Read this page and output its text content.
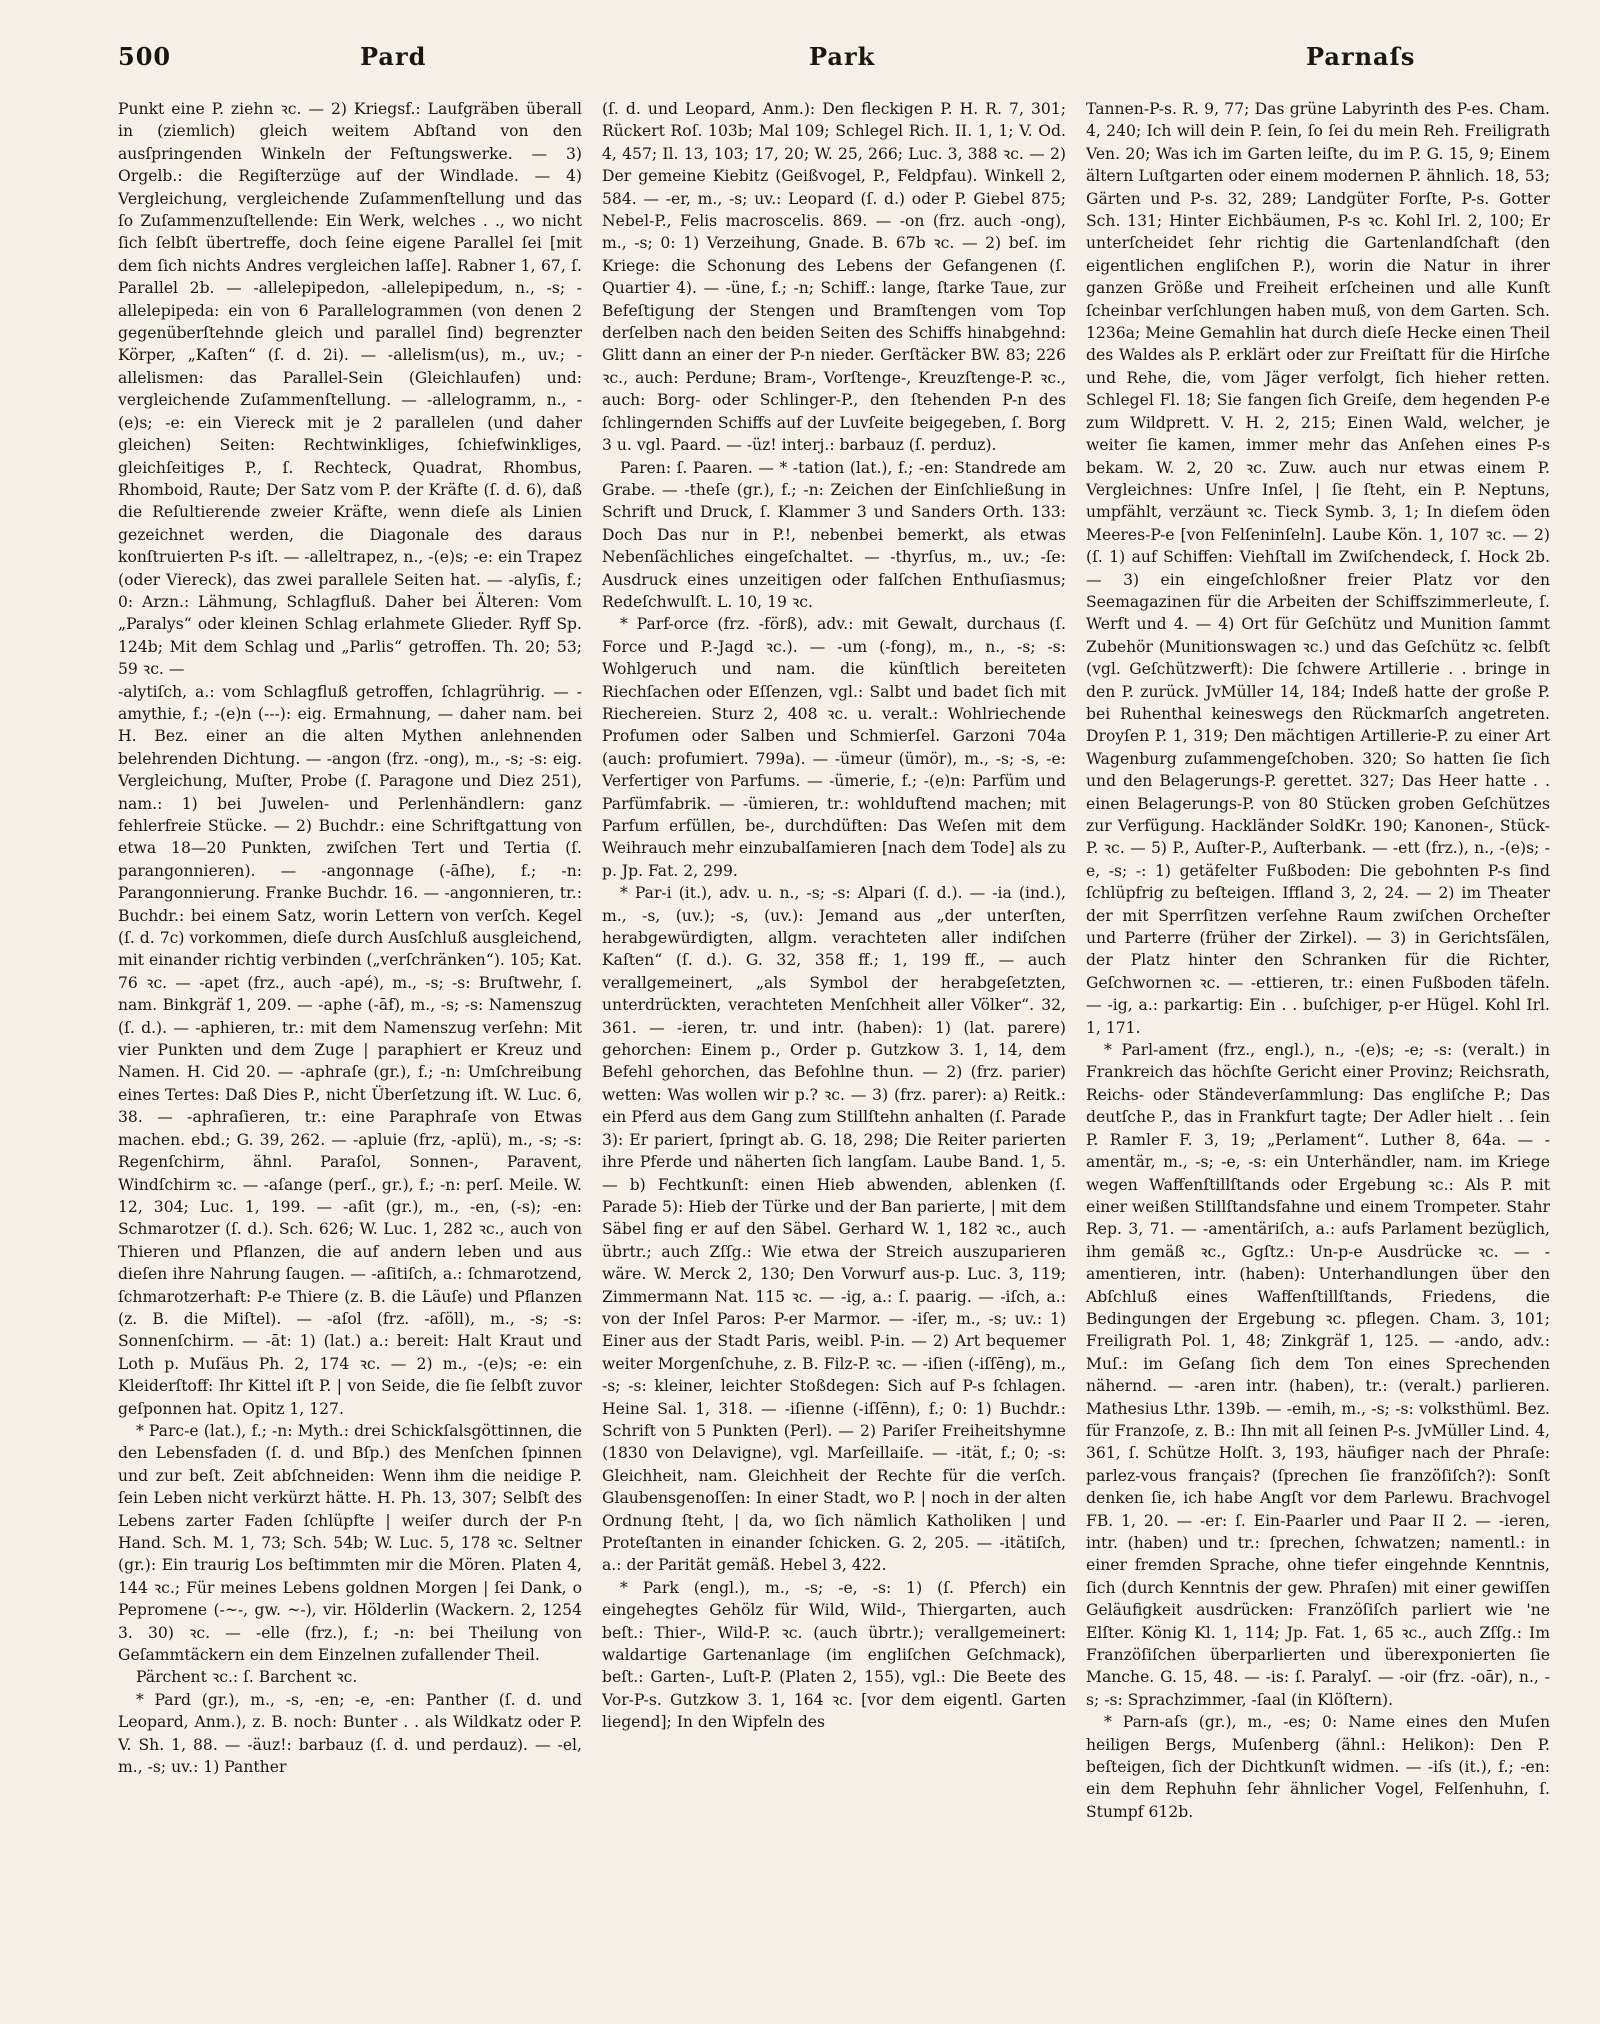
500	Pard	Park	Parnaſs

Punkt eine P. ziehn ꝛc. — 2) Kriegsf.: Laufgräben überall in (ziemlich) gleich weitem Abſtand von den ausſpringenden Winkeln der Feſtungswerke. — 3) Orgelb.: die Regiſterzüge auf der Windlade. — 4) Vergleichung, vergleichende Zuſammenſtellung und das ſo Zuſammenzuſtellende: Ein Werk, welches . ., wo nicht ſich ſelbſt übertreffe, doch ſeine eigene Parallel ſei [mit dem ſich nichts Andres vergleichen laſſe]. Rabner 1, 67, ſ. Parallel 2b. — -allelepipedon, -allelepipedum, n., -s; -allelepipeda: ein von 6 Parallelogrammen (von denen 2 gegenüberſtehnde gleich und parallel ſind) begrenzter Körper, „Kaſten“ (ſ. d. 2i). — -allelism(us), m., uv.; -allelismen: das Parallel-Sein (Gleichlaufen) und: vergleichende Zuſammenſtellung. — -allelogramm, n., -(e)s; -e: ein Viereck mit je 2 parallelen (und daher gleichen) Seiten: Rechtwinkliges, ſchiefwinkliges, gleichſeitiges P., ſ. Rechteck, Quadrat, Rhombus, Rhomboid, Raute; Der Satz vom P. der Kräfte (ſ. d. 6), daß die Reſultierende zweier Kräfte, wenn dieſe als Linien gezeichnet werden, die Diagonale des daraus konſtruierten P-s iſt. — -alleltrapez, n., -(e)s; -e: ein Trapez (oder Viereck), das zwei parallele Seiten hat. — -alyſis, f.; 0: Arzn.: Lähmung, Schlagfluß. Daher bei Älteren: Vom „Paralys“ oder kleinen Schlag erlahmete Glieder. Ryff Sp. 124b; Mit dem Schlag und „Parlis“ getroffen. Th. 20; 53; 59 ꝛc. —

-alytiſch, a.: vom Schlagfluß getroffen, ſchlagrührig. — -amythie, f.; -(e)n (---): eig. Ermahnung, — daher nam. bei H. Bez. einer an die alten Mythen anlehnenden belehrenden Dichtung. — -angon (frz. -ong), m., -s; -s: eig. Vergleichung, Muſter, Probe (ſ. Paragone und Diez 251), nam.: 1) bei Juwelen- und Perlenhändlern: ganz fehlerfreie Stücke. — 2) Buchdr.: eine Schriftgattung von etwa 18—20 Punkten, zwiſchen Tert und Tertia (ſ. parangonnieren). — -angonnage (-āſhe), f.; -n: Parangonnierung. Franke Buchdr. 16. — -angonnieren, tr.: Buchdr.: bei einem Satz, worin Lettern von verſch. Kegel (ſ. d. 7c) vorkommen, dieſe durch Ausſchluß ausgleichend, mit einander richtig verbinden („verſchränken“). 105; Kat. 76 ꝛc. — -apet (frz., auch -apé), m., -s; -s: Bruſtwehr, ſ. nam. Binkgräf 1, 209. — -aphe (-āf), m., -s; -s: Namenszug (ſ. d.). — -aphieren, tr.: mit dem Namenszug verſehn: Mit vier Punkten und dem Zuge | paraphiert er Kreuz und Namen. H. Cid 20. — -aphraſe (gr.), f.; -n: Umſchreibung eines Tertes: Daß Dies P., nicht Überſetzung iſt. W. Luc. 6, 38. — -aphraſieren, tr.: eine Paraphraſe von Etwas machen. ebd.; G. 39, 262. — -apluie (frz, -aplü), m., -s; -s: Regenſchirm, ähnl. Paraſol, Sonnen-, Paravent, Windſchirm ꝛc. — -aſange (perſ., gr.), f.; -n: perſ. Meile. W. 12, 304; Luc. 1, 199. — -aſit (gr.), m., -en, (-s); -en: Schmarotzer (ſ. d.). Sch. 626; W. Luc. 1, 282 ꝛc., auch von Thieren und Pflanzen, die auf andern leben und aus dieſen ihre Nahrung ſaugen. — -aſitiſch, a.: ſchmarotzend, ſchmarotzerhaft: P-e Thiere (z. B. die Läuſe) und Pflanzen (z. B. die Miſtel). — -aſol (frz. -aſöll), m., -s; -s: Sonnenſchirm. — -āt: 1) (lat.) a.: bereit: Halt Kraut und Loth p. Muſäus Ph. 2, 174 ꝛc. — 2) m., -(e)s; -e: ein Kleiderſtoff: Ihr Kittel iſt P. | von Seide, die ſie ſelbſt zuvor geſponnen hat. Opitz 1, 127.

* Parc-e (lat.), f.; -n: Myth.: drei Schickſalsgöttinnen, die den Lebensfaden (ſ. d. und Bſp.) des Menſchen ſpinnen und zur beſt. Zeit abſchneiden: Wenn ihm die neidige P. ſein Leben nicht verkürzt hätte. H. Ph. 13, 307; Selbſt des Lebens zarter Faden ſchlüpfte | weiſer durch der P-n Hand. Sch. M. 1, 73; Sch. 54b; W. Luc. 5, 178 ꝛc. Seltner (gr.): Ein traurig Los beſtimmten mir die Mören. Platen 4, 144 ꝛc.; Für meines Lebens goldnen Morgen | ſei Dank, o Pepromene (-~-, gw. ~-), vir. Hölderlin (Wackern. 2, 1254 3. 30) ꝛc. — -elle (frz.), f.; -n: bei Theilung von Geſammtäckern ein dem Einzelnen zufallender Theil.

Pärchent ꝛc.: ſ. Barchent ꝛc.

* Pard (gr.), m., -s, -en; -e, -en: Panther (ſ. d. und Leopard, Anm.), z. B. noch: Bunter . . als Wildkatz oder P. V. Sh. 1, 88. — -äuz!: barbauz (ſ. d. und perdauz). — -el, m., -s; uv.: 1) Panther

(ſ. d. und Leopard, Anm.): Den fleckigen P. H. R. 7, 301; Rückert Roſ. 103b; Mal 109; Schlegel Rich. II. 1, 1; V. Od. 4, 457; Il. 13, 103; 17, 20; W. 25, 266; Luc. 3, 388 ꝛc. — 2) Der gemeine Kiebitz (Geißvogel, P., Feldpfau). Winkell 2, 584. — -er, m., -s; uv.: Leopard (ſ. d.) oder P. Giebel 875; Nebel-P., Felis macroscelis. 869. — -on (frz. auch -ong), m., -s; 0: 1) Verzeihung, Gnade. B. 67b ꝛc. — 2) beſ. im Kriege: die Schonung des Lebens der Gefangenen (ſ. Quartier 4). — -üne, f.; -n; Schiff.: lange, ſtarke Taue, zur Befeſtigung der Stengen und Bramſtengen vom Top derſelben nach den beiden Seiten des Schiffs hinabgehnd: Glitt dann an einer der P-n nieder. Gerſtäcker BW. 83; 226 ꝛc., auch: Perdune; Bram-, Vorſtenge-, Kreuzſtenge-P. ꝛc., auch: Borg- oder Schlinger-P., den ſtehenden P-n des ſchlingernden Schiffs auf der Luvſeite beigegeben, ſ. Borg 3 u. vgl. Paard. — -üz! interj.: barbauz (ſ. perduz).

Paren: ſ. Paaren. — * -tation (lat.), f.; -en: Standrede am Grabe. — -theſe (gr.), f.; -n: Zeichen der Einſchließung in Schrift und Druck, ſ. Klammer 3 und Sanders Orth. 133: Doch Das nur in P.!, nebenbei bemerkt, als etwas Nebenſächliches eingeſchaltet. — -thyrſus, m., uv.; -ſe: Ausdruck eines unzeitigen oder falſchen Enthuſiasmus; Redeſchwulſt. L. 10, 19 ꝛc.

* Parf-orce (frz. -förß), adv.: mit Gewalt, durchaus (ſ. Force und P.-Jagd ꝛc.). — -um (-fong), m., n., -s; -s: Wohlgeruch und nam. die künſtlich bereiteten Riechſachen oder Eſſenzen, vgl.: Salbt und badet ſich mit Riechereien. Sturz 2, 408 ꝛc. u. veralt.: Wohlriechende Profumen oder Salben und Schmierſel. Garzoni 704a (auch: profumiert. 799a). — -ümeur (ümör), m., -s; -s, -e: Verfertiger von Parfums. — -ümerie, f.; -(e)n: Parfüm und Parfümfabrik. — -ümieren, tr.: wohlduftend machen; mit Parfum erfüllen, be-, durchdüften: Das Weſen mit dem Weihrauch mehr einzubalſamieren [nach dem Tode] als zu p. Jp. Fat. 2, 299.

* Par-i (it.), adv. u. n., -s; -s: Alpari (ſ. d.). — -ia (ind.), m., -s, (uv.); -s, (uv.): Jemand aus „der unterſten, herabgewürdigten, allgm. verachteten aller indiſchen Kaſten“ (ſ. d.). G. 32, 358 ff.; 1, 199 ff., — auch verallgemeinert, „als Symbol der herabgeſetzten, unterdrückten, verachteten Menſchheit aller Völker“. 32, 361. — -ieren, tr. und intr. (haben): 1) (lat. parere) gehorchen: Einem p., Order p. Gutzkow 3. 1, 14, dem Befehl gehorchen, das Befohlne thun. — 2) (frz. parier) wetten: Was wollen wir p.? ꝛc. — 3) (frz. parer): a) Reitk.: ein Pferd aus dem Gang zum Stillſtehn anhalten (ſ. Parade 3): Er pariert, ſpringt ab. G. 18, 298; Die Reiter parierten ihre Pferde und näherten ſich langſam. Laube Band. 1, 5. — b) Fechtkunſt: einen Hieb abwenden, ablenken (ſ. Parade 5): Hieb der Türke und der Ban parierte, | mit dem Säbel fing er auf den Säbel. Gerhard W. 1, 182 ꝛc., auch übrtr.; auch Zſſg.: Wie etwa der Streich auszuparieren wäre. W. Merck 2, 130; Den Vorwurf aus-p. Luc. 3, 119; Zimmermann Nat. 115 ꝛc. — -ig, a.: ſ. paarig. — -iſch, a.: von der Inſel Paros: P-er Marmor. — -iſer, m., -s; uv.: 1) Einer aus der Stadt Paris, weibl. P-in. — 2) Art bequemer weiter Morgenſchuhe, z. B. Filz-P. ꝛc. — -iſien (-iſſēng), m., -s; -s: kleiner, leichter Stoßdegen: Sich auf P-s ſchlagen. Heine Sal. 1, 318. — -iſienne (-iſſēnn), f.; 0: 1) Buchdr.: Schrift von 5 Punkten (Perl). — 2) Pariſer Freiheitshymne (1830 von Delavigne), vgl. Marſeillaiſe. — -ität, f.; 0; -s: Gleichheit, nam. Gleichheit der Rechte für die verſch. Glaubensgenoſſen: In einer Stadt, wo P. | noch in der alten Ordnung ſteht, | da, wo ſich nämlich Katholiken | und Proteſtanten in einander ſchicken. G. 2, 205. — -itätiſch, a.: der Parität gemäß. Hebel 3, 422.

* Park (engl.), m., -s; -e, -s: 1) (ſ. Pferch) ein eingehegtes Gehölz für Wild, Wild-, Thiergarten, auch beſt.: Thier-, Wild-P. ꝛc. (auch übrtr.); verallgemeinert: waldartige Gartenanlage (im engliſchen Geſchmack), beſt.: Garten-, Luſt-P. (Platen 2, 155), vgl.: Die Beete des Vor-P-s. Gutzkow 3. 1, 164 ꝛc. [vor dem eigentl. Garten liegend]; In den Wipfeln des

Tannen-P-s. R. 9, 77; Das grüne Labyrinth des P-es. Cham. 4, 240; Ich will dein P. ſein, ſo ſei du mein Reh. Freiligrath Ven. 20; Was ich im Garten leiſte, du im P. G. 15, 9; Einem ältern Luſtgarten oder einem modernen P. ähnlich. 18, 53; Gärten und P-s. 32, 289; Landgüter Forſte, P-s. Gotter Sch. 131; Hinter Eichbäumen, P-s ꝛc. Kohl Irl. 2, 100; Er unterſcheidet ſehr richtig die Gartenlandſchaft (den eigentlichen engliſchen P.), worin die Natur in ihrer ganzen Größe und Freiheit erſcheinen und alle Kunſt ſcheinbar verſchlungen haben muß, von dem Garten. Sch. 1236a; Meine Gemahlin hat durch dieſe Hecke einen Theil des Waldes als P. erklärt oder zur Freiſtatt für die Hirſche und Rehe, die, vom Jäger verfolgt, ſich hieher retten. Schlegel Fl. 18; Sie fangen ſich Greiſe, dem hegenden P-e zum Wildprett. V. H. 2, 215; Einen Wald, welcher, je weiter ſie kamen, immer mehr das Anſehen eines P-s bekam. W. 2, 20 ꝛc. Zuw. auch nur etwas einem P. Vergleichnes: Unſre Inſel, | ſie ſteht, ein P. Neptuns, umpfählt, verzäunt ꝛc. Tieck Symb. 3, 1; In dieſem öden Meeres-P-e [von Felſeninſeln]. Laube Kön. 1, 107 ꝛc. — 2) (ſ. 1) auf Schiffen: Viehſtall im Zwiſchendeck, ſ. Hock 2b. — 3) ein eingeſchloßner freier Platz vor den Seemagazinen für die Arbeiten der Schiffszimmerleute, ſ. Werft und 4. — 4) Ort für Geſchütz und Munition ſammt Zubehör (Munitionswagen ꝛc.) und das Geſchütz ꝛc. ſelbſt (vgl. Geſchützwerft): Die ſchwere Artillerie . . bringe in den P. zurück. JvMüller 14, 184; Indeß hatte der große P. bei Ruhenthal keineswegs den Rückmarſch angetreten. Droyſen P. 1, 319; Den mächtigen Artillerie-P. zu einer Art Wagenburg zuſammengeſchoben. 320; So hatten ſie ſich und den Belagerungs-P. gerettet. 327; Das Heer hatte . . einen Belagerungs-P. von 80 Stücken groben Geſchützes zur Verfügung. Hackländer SoldKr. 190; Kanonen-, Stück-P. ꝛc. — 5) P., Auſter-P., Auſterbank. — -ett (frz.), n., -(e)s; -e, -s; -: 1) getäfelter Fußboden: Die gebohnten P-s ſind ſchlüpfrig zu beſteigen. Iffland 3, 2, 24. — 2) im Theater der mit Sperrſitzen verſehne Raum zwiſchen Orcheſter und Parterre (früher der Zirkel). — 3) in Gerichtsſälen, der Platz hinter den Schranken für die Richter, Geſchwornen ꝛc. — -ettieren, tr.: einen Fußboden täfeln. — -ig, a.: parkartig: Ein . . buſchiger, p-er Hügel. Kohl Irl. 1, 171.

* Parl-ament (frz., engl.), n., -(e)s; -e; -s: (veralt.) in Frankreich das höchſte Gericht einer Provinz; Reichsrath, Reichs- oder Ständeverſammlung: Das engliſche P.; Das deutſche P., das in Frankfurt tagte; Der Adler hielt . . ſein P. Ramler F. 3, 19; „Perlament“. Luther 8, 64a. — -amentär, m., -s; -e, -s: ein Unterhändler, nam. im Kriege wegen Waffenſtillſtands oder Ergebung ꝛc.: Als P. mit einer weißen Stillſtandsfahne und einem Trompeter. Stahr Rep. 3, 71. — -amentäriſch, a.: aufs Parlament bezüglich, ihm gemäß ꝛc., Ggſtz.: Un-p-e Ausdrücke ꝛc. — -amentieren, intr. (haben): Unterhandlungen über den Abſchluß eines Waffenſtillſtands, Friedens, die Bedingungen der Ergebung ꝛc. pflegen. Cham. 3, 101; Freiligrath Pol. 1, 48; Zinkgräf 1, 125. — -ando, adv.: Muſ.: im Geſang ſich dem Ton eines Sprechenden nähernd. — -aren intr. (haben), tr.: (veralt.) parlieren. Mathesius Lthr. 139b. — -emih, m., -s; -s: volksthüml. Bez. für Franzoſe, z. B.: Ihn mit all ſeinen P-s. JvMüller Lind. 4, 361, ſ. Schütze Holſt. 3, 193, häufiger nach der Phraſe: parlez-vous français? (ſprechen ſie franzöſiſch?): Sonſt denken ſie, ich habe Angſt vor dem Parlewu. Brachvogel FB. 1, 20. — -er: ſ. Ein-Paarler und Paar II 2. — -ieren, intr. (haben) und tr.: ſprechen, ſchwatzen; namentl.: in einer fremden Sprache, ohne tiefer eingehnde Kenntnis, ſich (durch Kenntnis der gew. Phraſen) mit einer gewiſſen Geläufigkeit ausdrücken: Franzöſiſch parliert wie 'ne Elſter. König Kl. 1, 114; Jp. Fat. 1, 65 ꝛc., auch Zſſg.: Im Franzöſiſchen überparlierten und überexponierten ſie Manche. G. 15, 48. — -is: ſ. Paralyſ. — -oir (frz. -oār), n., -s; -s: Sprachzimmer, -ſaal (in Klöſtern).

* Parn-aſs (gr.), m., -es; 0: Name eines den Muſen heiligen Bergs, Muſenberg (ähnl.: Helikon): Den P. beſteigen, ſich der Dichtkunſt widmen. — -iſs (it.), f.; -en: ein dem Rephuhn ſehr ähnlicher Vogel, Felſenhuhn, ſ. Stumpf 612b.
